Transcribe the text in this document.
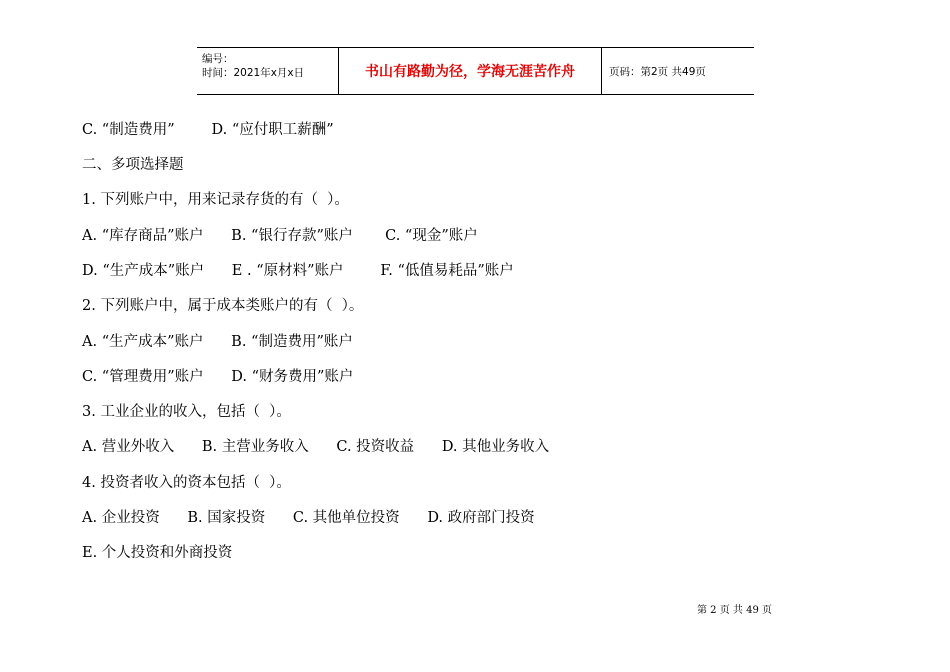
编号：
时间：2021年x月x日	书山有路勤为径，学海无涯苦作舟	页码：第2页 共49页
C. “制造费用”        D. “应付职工薪酬”
二、多项选择题
1. 下列账户中，用来记录存货的有（  ）。
A. “库存商品”账户      B. “银行存款”账户       C. “现金”账户
D. “生产成本”账户      E . “原材料”账户        F. “低值易耗品”账户
2. 下列账户中，属于成本类账户的有（  ）。
A. “生产成本”账户      B. “制造费用”账户
C. “管理费用”账户      D. “财务费用”账户
3. 工业企业的收入，包括（  ）。
A. 营业外收入      B. 主营业务收入      C. 投资收益      D. 其他业务收入
4. 投资者收入的资本包括（  ）。
A. 企业投资      B. 国家投资      C. 其他单位投资      D. 政府部门投资
E. 个人投资和外商投资
第 2 页 共 49 页
